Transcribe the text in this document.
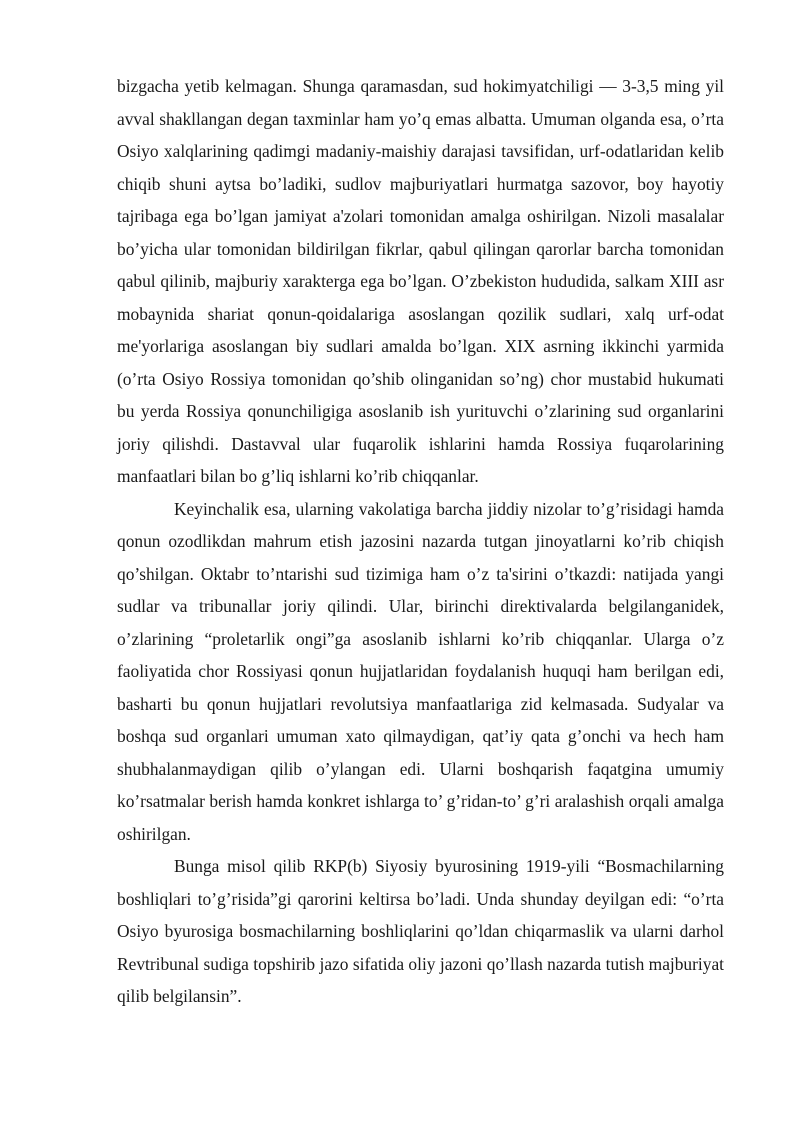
bizgacha yetib kelmagan. Shunga qaramasdan, sud hokimyatchiligi — 3-3,5 ming yil avval shakllangan degan taxminlar ham yo’q emas albatta. Umuman olganda esa, o’rta Osiyo xalqlarining qadimgi madaniy-maishiy darajasi tavsifidan, urf-odatlaridan kelib chiqib shuni aytsa bo’ladiki, sudlov majburiyatlari hurmatga sazovor, boy hayotiy tajribaga ega bo’lgan jamiyat a'zolari tomonidan amalga oshirilgan. Nizoli masalalar bo’yicha ular tomonidan bildirilgan fikrlar, qabul qilingan qarorlar barcha tomonidan qabul qilinib, majburiy xarakterga ega bo’lgan. O’zbekiston hududida, salkam XIII asr mobaynida shariat qonun-qoidalariga asoslangan qozilik sudlari, xalq urf-odat me'yorlariga asoslangan biy sudlari amalda bo’lgan. XIX asrning ikkinchi yarmida (o’rta Osiyo Rossiya tomonidan qo’shib olinganidan so’ng) chor mustabid hukumati bu yerda Rossiya qonunchiligiga asoslanib ish yurituvchi o’zlarining sud organlarini joriy qilishdi. Dastavval ular fuqarolik ishlarini hamda Rossiya fuqarolarining manfaatlari bilan bo g’liq ishlarni ko’rib chiqqanlar.

Keyinchalik esa, ularning vakolatiga barcha jiddiy nizolar to’g’risidagi hamda qonun ozodlikdan mahrum etish jazosini nazarda tutgan jinoyatlarni ko’rib chiqish qo’shilgan. Oktabr to’ntarishi sud tizimiga ham o’z ta'sirini o’tkazdi: natijada yangi sudlar va tribunallar joriy qilindi. Ular, birinchi direktivalarda belgilanganidek, o’zlarining “proletarlik ongi”ga asoslanib ishlarni ko’rib chiqqanlar. Ularga o’z faoliyatida chor Rossiyasi qonun hujjatlaridan foydalanish huquqi ham berilgan edi, basharti bu qonun hujjatlari revolutsiya manfaatlariga zid kelmasada. Sudyalar va boshqa sud organlari umuman xato qilmaydigan, qat’iy qata g’onchi va hech ham shubhalanmaydigan qilib o’ylangan edi. Ularni boshqarish faqatgina umumiy ko’rsatmalar berish hamda konkret ishlarga to’ g’ridan-to’ g’ri aralashish orqali amalga oshirilgan.

Bunga misol qilib RKP(b) Siyosiy byurosining 1919-yili “Bosmachilarning boshliqlari to’g’risida”gi qarorini keltirsa bo’ladi. Unda shunday deyilgan edi: “o’rta Osiyo byurosiga bosmachilarning boshliqlarini qo’ldan chiqarmaslik va ularni darhol Revtribunal sudiga topshirib jazo sifatida oliy jazoni qo’llash nazarda tutish majburiyat qilib belgilansin”.
